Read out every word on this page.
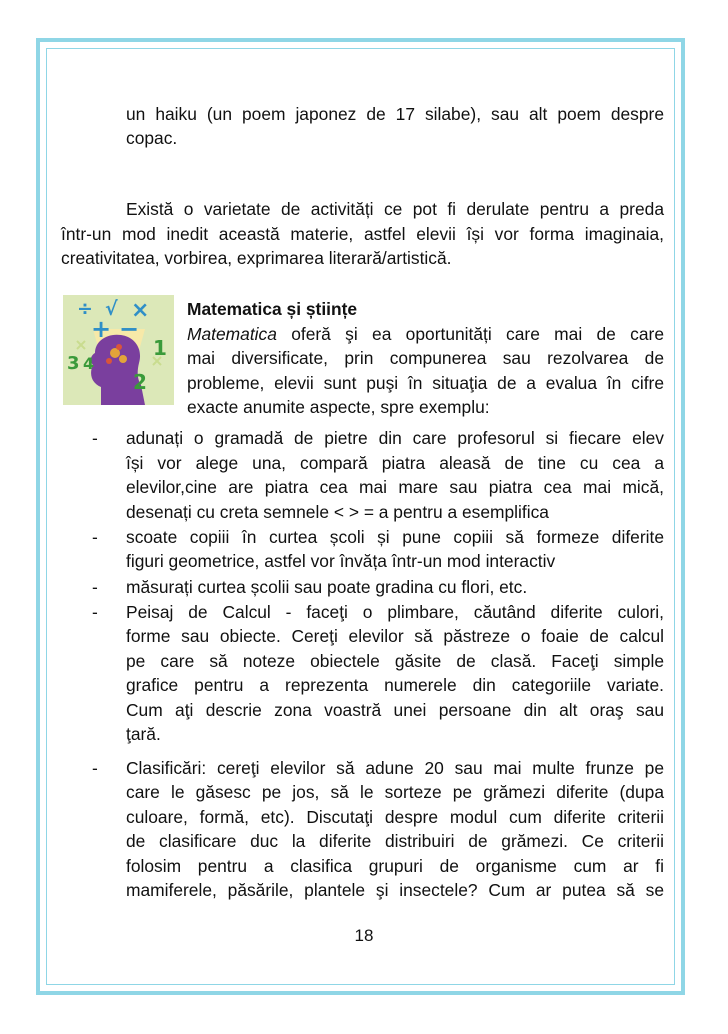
un haiku (un poem japonez de 17 silabe), sau alt poem despre
copac.
Există o varietate de activități ce pot fi derulate pentru a preda
într-un mod inedit această materie, astfel elevii își vor forma imaginaia,
creativitatea, vorbirea, exprimarea literară/artistică.
÷ √ ×
+ −
3 4
1
2
Matematica și științe
Matematica oferă şi ea oportunități care mai de care
mai diversificate, prin compunerea sau rezolvarea de
probleme, elevii sunt puşi în situaţia de a evalua în cifre
exacte anumite aspecte, spre exemplu:
- adunați o gramadă de pietre din care profesorul si fiecare elev
își vor alege una, compară piatra aleasă de tine cu cea a
elevilor,cine are piatra cea mai mare sau piatra cea mai mică,
desenați cu creta semnele < > = a pentru a esemplifica
- scoate copiii în curtea școli și pune copiii să formeze diferite
figuri geometrice, astfel vor învăța într-un mod interactiv
- măsurați curtea școlii sau poate gradina cu flori, etc.
- Peisaj de Calcul - faceţi o plimbare, căutând diferite culori,
forme sau obiecte. Cereţi elevilor să păstreze o foaie de calcul
pe care să noteze obiectele găsite de clasă. Faceţi simple
grafice pentru a reprezenta numerele din categoriile variate.
Cum aţi descrie zona voastră unei persoane din alt oraş sau
ţară.
- Clasificări: cereţi elevilor să adune 20 sau mai multe frunze pe
care le găsesc pe jos, să le sorteze pe grămezi diferite (dupa
culoare, formă, etc). Discutaţi despre modul cum diferite criterii
de clasificare duc la diferite distribuiri de grămezi. Ce criterii
folosim pentru a clasifica grupuri de organisme cum ar fi
mamiferele, păsările, plantele şi insectele? Cum ar putea să se
18
